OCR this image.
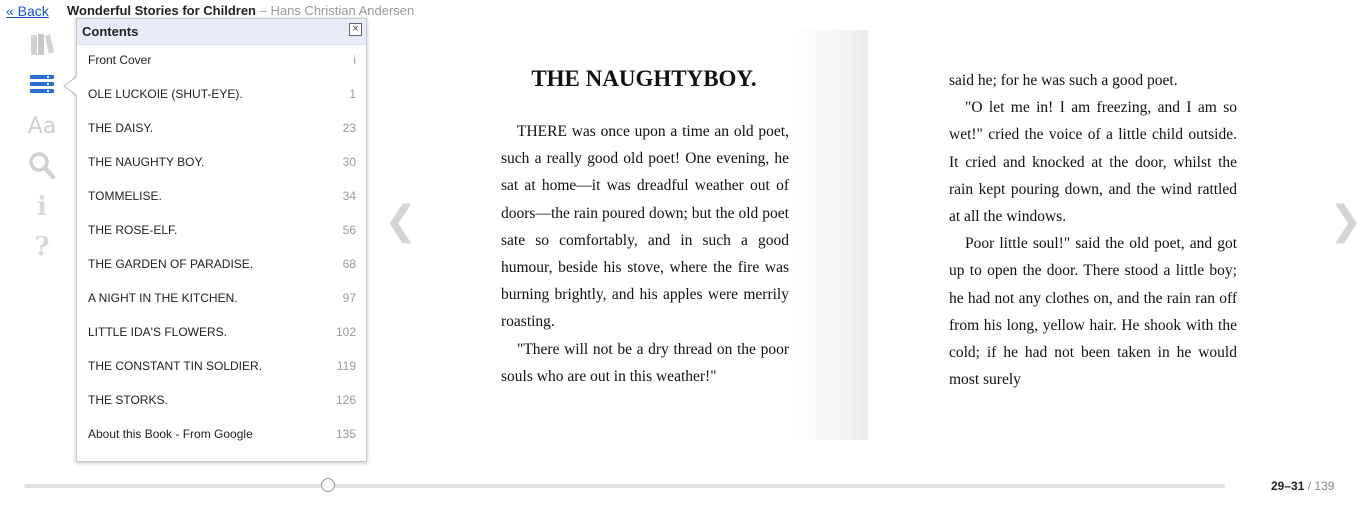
« Back Wonderful Stories for Children – Hans Christian Andersen
Aa
i
?
THE NAUGHTYBOY.

THERE was once upon a time an old poet, such a really good old poet! One evening, he sat at home—it was dreadful weather out of doors—the rain poured down; but the old poet sate so comfortably, and in such a good humour, beside his stove, where the fire was burning brightly, and his apples were merrily roasting.

"There will not be a dry thread on the poor souls who are out in this weather!"

said he; for he was such a good poet.

"O let me in! I am freezing, and I am so wet!" cried the voice of a little child outside. It cried and knocked at the door, whilst the rain kept pouring down, and the wind rattled at all the windows.

Poor little soul!" said the old poet, and got up to open the door. There stood a little boy; he had not any clothes on, and the rain ran off from his long, yellow hair. He shook with the cold; if he had not been taken in he would most surely

❮	❯
Contents	×
Front Cover	i
OLE LUCKOIE (SHUT-EYE).	1
THE DAISY.	23
THE NAUGHTY BOY.	30
TOMMELISE.	34
THE ROSE-ELF.	56
THE GARDEN OF PARADISE.	68
A NIGHT IN THE KITCHEN.	97
LITTLE IDA'S FLOWERS.	102
THE CONSTANT TIN SOLDIER.	119
THE STORKS.	126
About this Book - From Google	135
29–31 / 139
